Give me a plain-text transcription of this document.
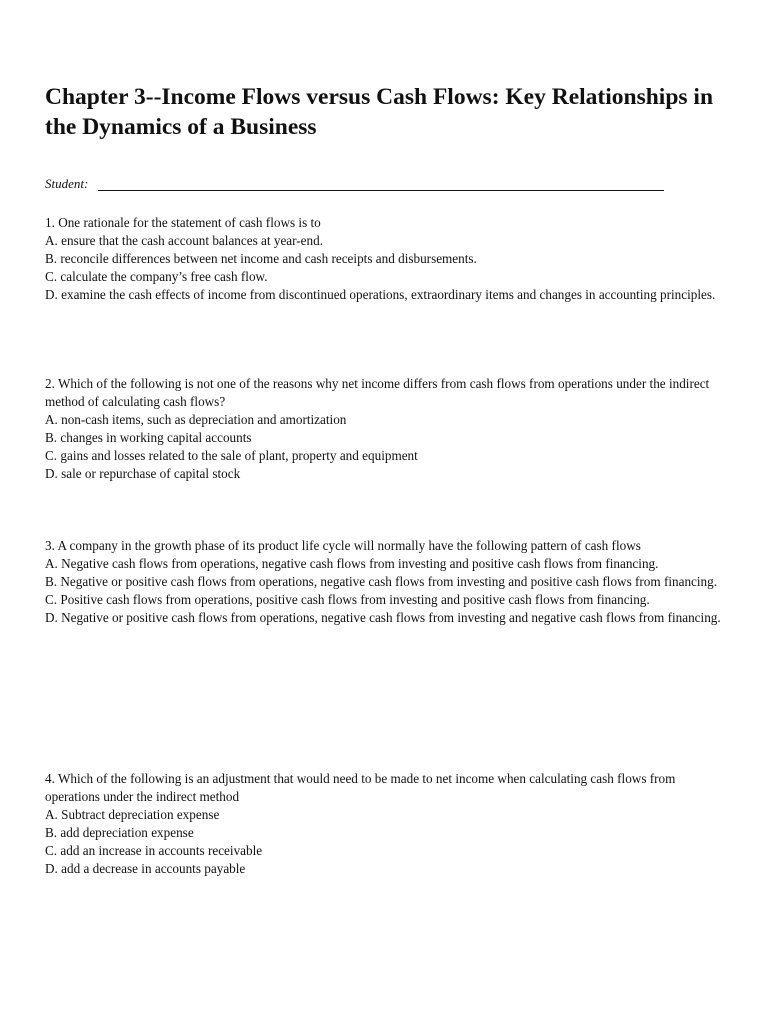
Chapter 3--Income Flows versus Cash Flows: Key Relationships in the Dynamics of a Business
Student:
1. One rationale for the statement of cash flows is to
A. ensure that the cash account balances at year-end.
B. reconcile differences between net income and cash receipts and disbursements.
C. calculate the company’s free cash flow.
D. examine the cash effects of income from discontinued operations, extraordinary items and changes in accounting principles.
2. Which of the following is not one of the reasons why net income differs from cash flows from operations under the indirect method of calculating cash flows?
A. non-cash items, such as depreciation and amortization
B. changes in working capital accounts
C. gains and losses related to the sale of plant, property and equipment
D. sale or repurchase of capital stock
3. A company in the growth phase of its product life cycle will normally have the following pattern of cash flows
A. Negative cash flows from operations, negative cash flows from investing and positive cash flows from financing.
B. Negative or positive cash flows from operations, negative cash flows from investing and positive cash flows from financing.
C. Positive cash flows from operations, positive cash flows from investing and positive cash flows from financing.
D. Negative or positive cash flows from operations, negative cash flows from investing and negative cash flows from financing.
4. Which of the following is an adjustment that would need to be made to net income when calculating cash flows from operations under the indirect method
A. Subtract depreciation expense
B. add depreciation expense
C. add an increase in accounts receivable
D. add a decrease in accounts payable
